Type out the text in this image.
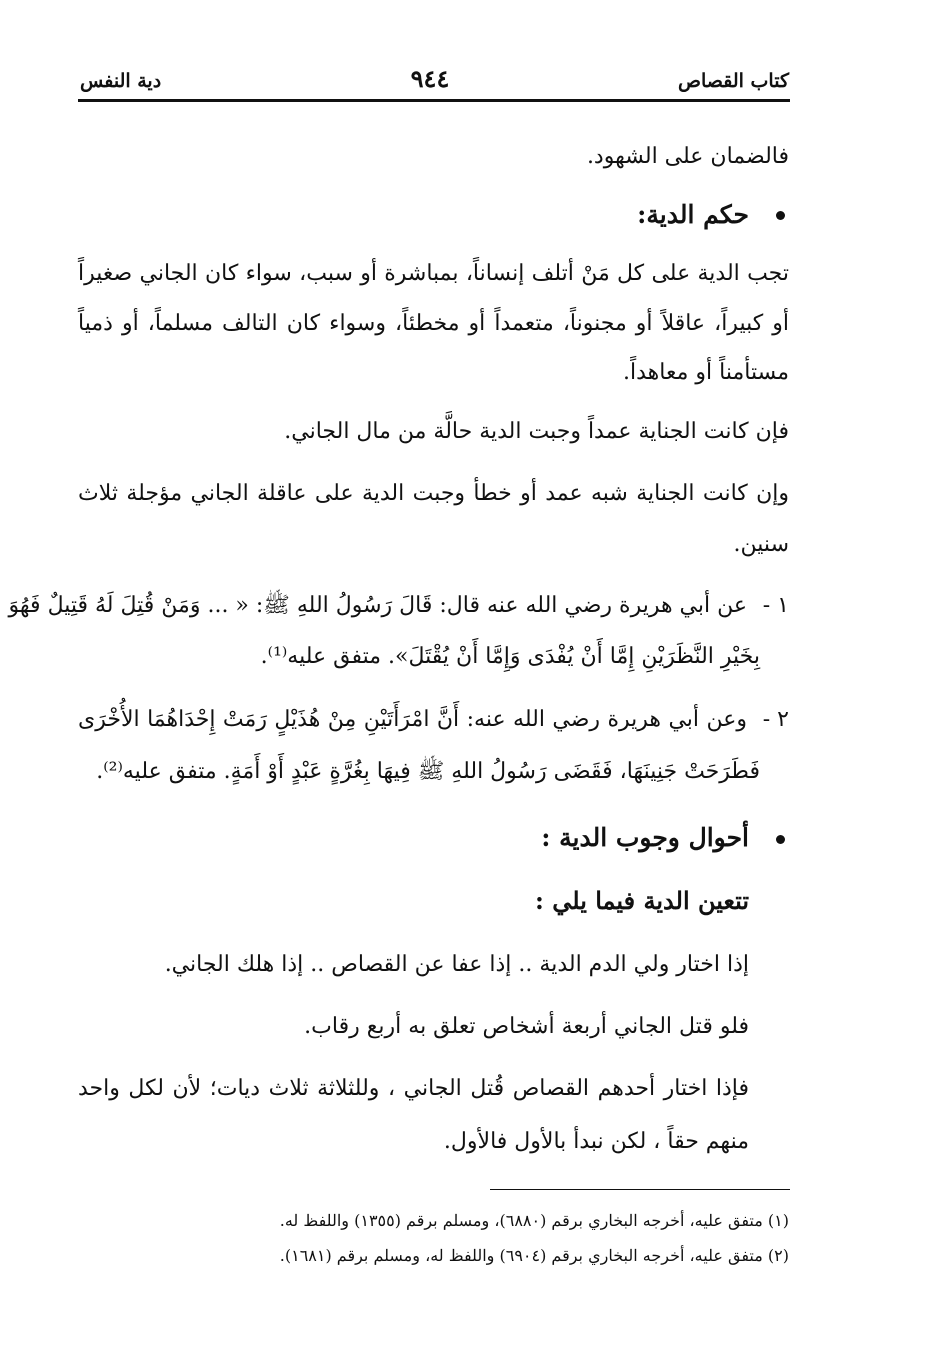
كتاب القصاص
٩٤٤
دية النفس
فالضمان على الشهود.
حكم الدية:
تجب الدية على كل مَنْ أتلف إنساناً، بمباشرة أو سبب، سواء كان الجاني صغيراً
أو كبيراً، عاقلاً أو مجنوناً، متعمداً أو مخطئاً، وسواء كان التالف مسلماً، أو ذمياً
مستأمناً أو معاهداً.
فإن كانت الجناية عمداً وجبت الدية حالَّة من مال الجاني.
وإن كانت الجناية شبه عمد أو خطأ وجبت الدية على عاقلة الجاني مؤجلة ثلاث
سنين.
١ -
عن أبي هريرة رضي الله عنه قال: قَالَ رَسُولُ اللهِ ﷺ: « ... وَمَنْ قُتِلَ لَهُ قَتِيلٌ فَهُوَ
بِخَيْرِ النَّظَرَيْنِ إِمَّا أَنْ يُفْدَى وَإِمَّا أَنْ يُقْتَلَ». متفق عليه⁽¹⁾.
٢ -
وعن أبي هريرة رضي الله عنه: أَنَّ امْرَأَتَيْنِ مِنْ هُذَيْلٍ رَمَتْ إِحْدَاهُمَا الأُخْرَى
فَطَرَحَتْ جَنِينَهَا، فَقَضَى رَسُولُ اللهِ ﷺ فِيهَا بِغُرَّةٍ عَبْدٍ أَوْ أَمَةٍ. متفق عليه⁽²⁾.
أحوال وجوب الدية :
تتعين الدية فيما يلي :
إذا اختار ولي الدم الدية .. إذا عفا عن القصاص .. إذا هلك الجاني.
فلو قتل الجاني أربعة أشخاص تعلق به أربع رقاب.
فإذا اختار أحدهم القصاص قُتل الجاني ، وللثلاثة ثلاث ديات؛ لأن لكل واحد
منهم حقاً ، لكن نبدأ بالأول فالأول.
(١) متفق عليه، أخرجه البخاري برقم (٦٨٨٠)، ومسلم برقم (١٣٥٥) واللفظ له.
(٢) متفق عليه، أخرجه البخاري برقم (٦٩٠٤) واللفظ له، ومسلم برقم (١٦٨١).
